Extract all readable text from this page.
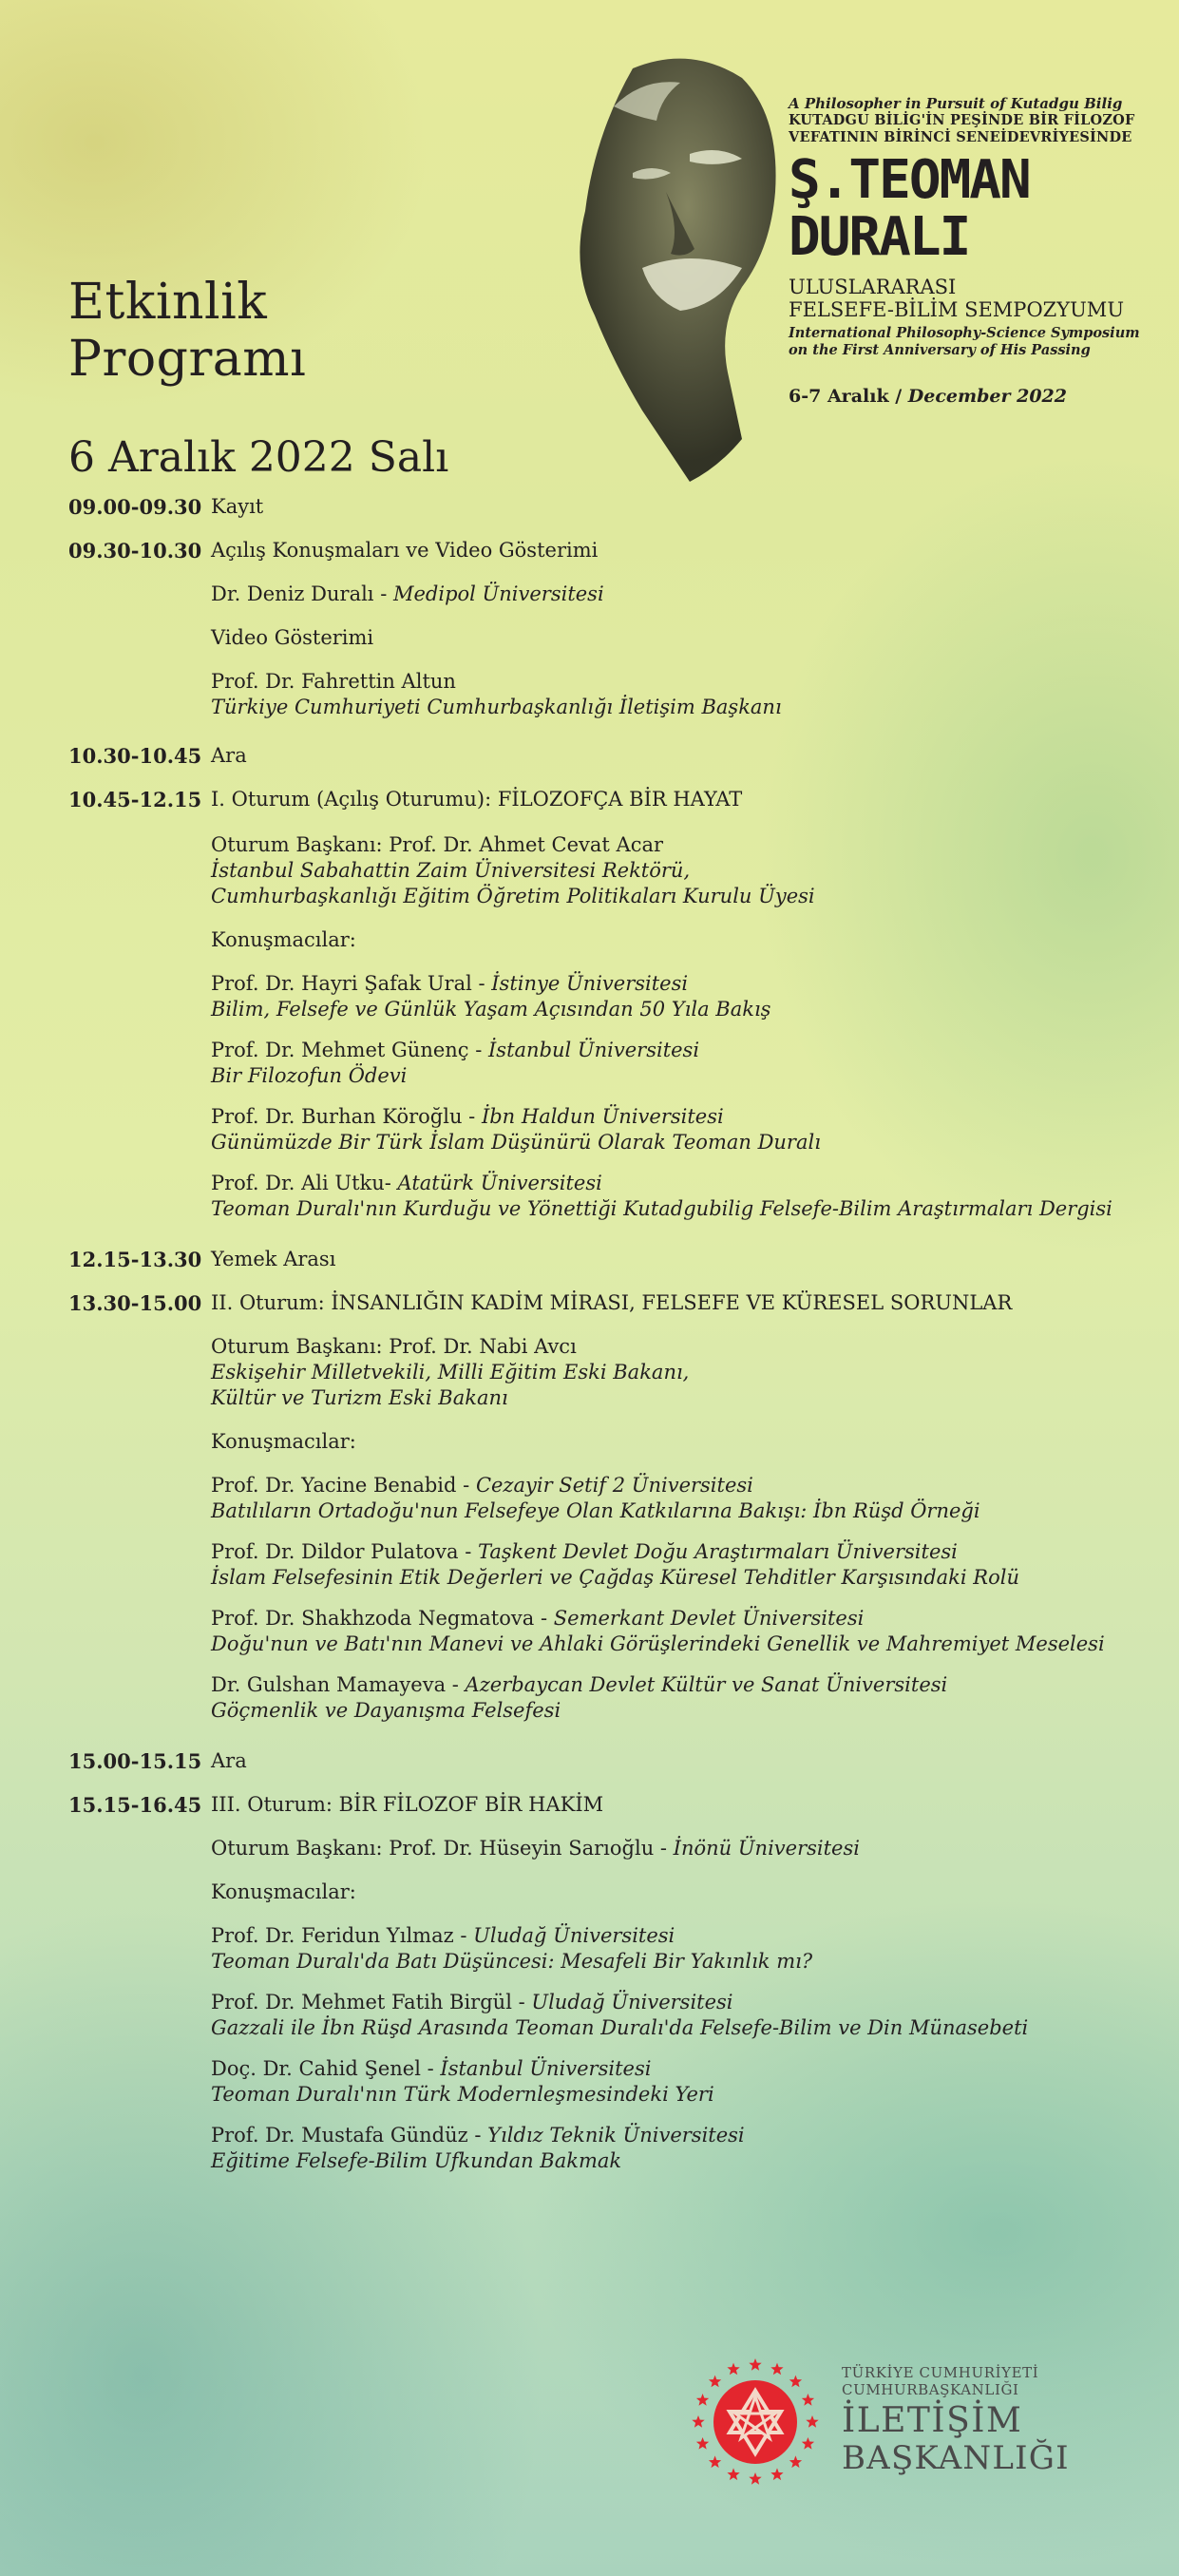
Etkinlik
Programı
A Philosopher in Pursuit of Kutadgu Bilig
KUTADGU BİLİG'İN PEŞİNDE BİR FİLOZOF
VEFATININ BİRİNCİ SENEİDEVRİYESİNDE
Ş.TEOMAN
DURALI
ULUSLARARASI
FELSEFE-BİLİM SEMPOZYUMU
International Philosophy-Science Symposium
on the First Anniversary of His Passing
6-7 Aralık / December 2022
6 Aralık 2022 Salı
09.00-09.30 Kayıt
09.30-10.30 Açılış Konuşmaları ve Video Gösterimi
Dr. Deniz Duralı - Medipol Üniversitesi
Video Gösterimi
Prof. Dr. Fahrettin Altun
Türkiye Cumhuriyeti Cumhurbaşkanlığı İletişim Başkanı
10.30-10.45 Ara
10.45-12.15 I. Oturum (Açılış Oturumu): FİLOZOFÇA BİR HAYAT
Oturum Başkanı: Prof. Dr. Ahmet Cevat Acar
İstanbul Sabahattin Zaim Üniversitesi Rektörü,
Cumhurbaşkanlığı Eğitim Öğretim Politikaları Kurulu Üyesi
Konuşmacılar:
Prof. Dr. Hayri Şafak Ural - İstinye Üniversitesi
Bilim, Felsefe ve Günlük Yaşam Açısından 50 Yıla Bakış
Prof. Dr. Mehmet Günenç - İstanbul Üniversitesi
Bir Filozofun Ödevi
Prof. Dr. Burhan Köroğlu - İbn Haldun Üniversitesi
Günümüzde Bir Türk İslam Düşünürü Olarak Teoman Duralı
Prof. Dr. Ali Utku- Atatürk Üniversitesi
Teoman Duralı'nın Kurduğu ve Yönettiği Kutadgubilig Felsefe-Bilim Araştırmaları Dergisi
12.15-13.30 Yemek Arası
13.30-15.00 II. Oturum: İNSANLIĞIN KADİM MİRASI, FELSEFE VE KÜRESEL SORUNLAR
Oturum Başkanı: Prof. Dr. Nabi Avcı
Eskişehir Milletvekili, Milli Eğitim Eski Bakanı,
Kültür ve Turizm Eski Bakanı
Konuşmacılar:
Prof. Dr. Yacine Benabid - Cezayir Setif 2 Üniversitesi
Batılıların Ortadoğu'nun Felsefeye Olan Katkılarına Bakışı: İbn Rüşd Örneği
Prof. Dr. Dildor Pulatova - Taşkent Devlet Doğu Araştırmaları Üniversitesi
İslam Felsefesinin Etik Değerleri ve Çağdaş Küresel Tehditler Karşısındaki Rolü
Prof. Dr. Shakhzoda Negmatova - Semerkant Devlet Üniversitesi
Doğu'nun ve Batı'nın Manevi ve Ahlaki Görüşlerindeki Genellik ve Mahremiyet Meselesi
Dr. Gulshan Mamayeva - Azerbaycan Devlet Kültür ve Sanat Üniversitesi
Göçmenlik ve Dayanışma Felsefesi
15.00-15.15 Ara
15.15-16.45 III. Oturum: BİR FİLOZOF BİR HAKİM
Oturum Başkanı: Prof. Dr. Hüseyin Sarıoğlu - İnönü Üniversitesi
Konuşmacılar:
Prof. Dr. Feridun Yılmaz - Uludağ Üniversitesi
Teoman Duralı'da Batı Düşüncesi: Mesafeli Bir Yakınlık mı?
Prof. Dr. Mehmet Fatih Birgül - Uludağ Üniversitesi
Gazzali ile İbn Rüşd Arasında Teoman Duralı'da Felsefe-Bilim ve Din Münasebeti
Doç. Dr. Cahid Şenel - İstanbul Üniversitesi
Teoman Duralı'nın Türk Modernleşmesindeki Yeri
Prof. Dr. Mustafa Gündüz - Yıldız Teknik Üniversitesi
Eğitime Felsefe-Bilim Ufkundan Bakmak
TÜRKİYE CUMHURİYETİ
CUMHURBAŞKANLIĞI
İLETİŞİM
BAŞKANLIĞI
